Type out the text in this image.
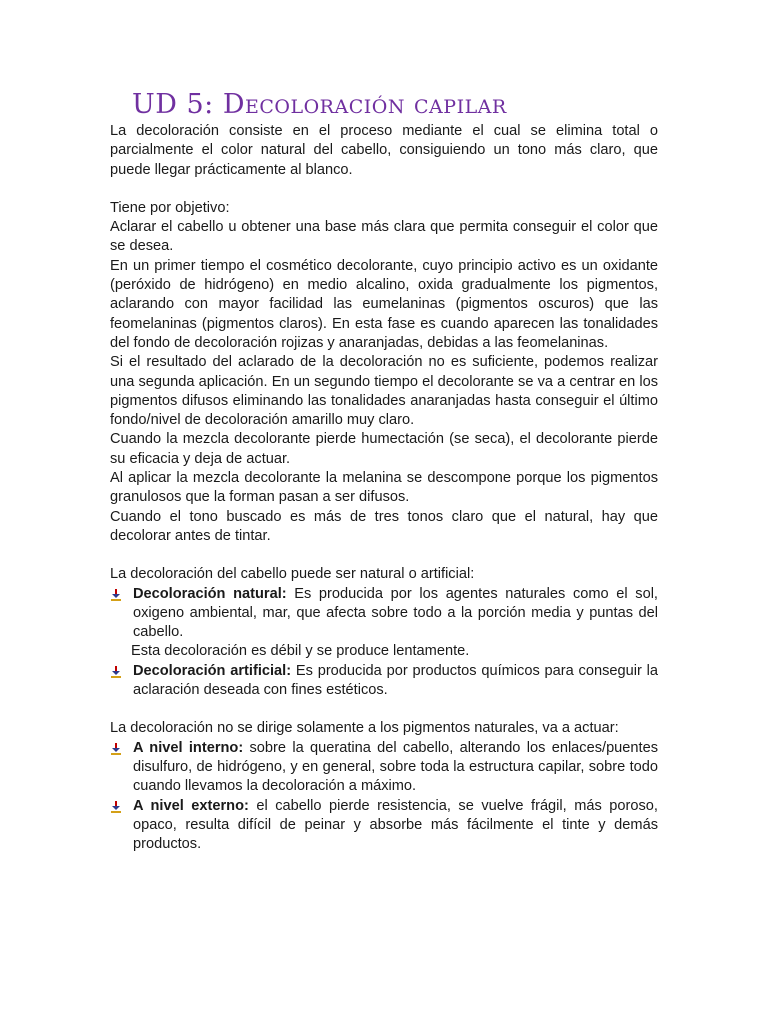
UD 5: Decoloración capilar

La decoloración consiste en el proceso mediante el cual se elimina total o parcialmente el color natural del cabello, consiguiendo un tono más claro, que puede llegar prácticamente al blanco.

Tiene por objetivo:

Aclarar el cabello u obtener una base más clara que permita conseguir el color que se desea.

En un primer tiempo el cosmético decolorante, cuyo principio activo es un oxidante (peróxido de hidrógeno) en medio alcalino, oxida gradualmente los pigmentos, aclarando con mayor facilidad las eumelaninas (pigmentos oscuros) que las feomelaninas (pigmentos claros). En esta fase es cuando aparecen las tonalidades del fondo de decoloración rojizas y anaranjadas, debidas a las feomelaninas.

Si el resultado del aclarado de la decoloración no es suficiente, podemos realizar una segunda aplicación. En un segundo tiempo el decolorante se va a centrar en los pigmentos difusos eliminando las tonalidades anaranjadas hasta conseguir el último fondo/nivel de decoloración amarillo muy claro.

Cuando la mezcla decolorante pierde humectación (se seca), el decolorante pierde su eficacia y deja de actuar.

Al aplicar la mezcla decolorante la melanina se descompone porque los pigmentos granulosos que la forman pasan a ser difusos.

Cuando el tono buscado es más de tres tonos claro que el natural, hay que decolorar antes de tintar.

La decoloración del cabello puede ser natural o artificial:

Decoloración natural: Es producida por los agentes naturales como el sol, oxigeno ambiental, mar, que afecta sobre todo a la porción media y puntas del cabello.

Esta decoloración es débil y se produce lentamente.

Decoloración artificial: Es producida por productos químicos para conseguir la aclaración deseada con fines estéticos.

La decoloración no se dirige solamente a los pigmentos naturales, va a actuar:

A nivel interno: sobre la queratina del cabello, alterando los enlaces/puentes disulfuro, de hidrógeno, y en general, sobre toda la estructura capilar, sobre todo cuando llevamos la decoloración a máximo.
A nivel externo: el cabello pierde resistencia, se vuelve frágil, más poroso, opaco, resulta difícil de peinar y absorbe más fácilmente el tinte y demás productos.
